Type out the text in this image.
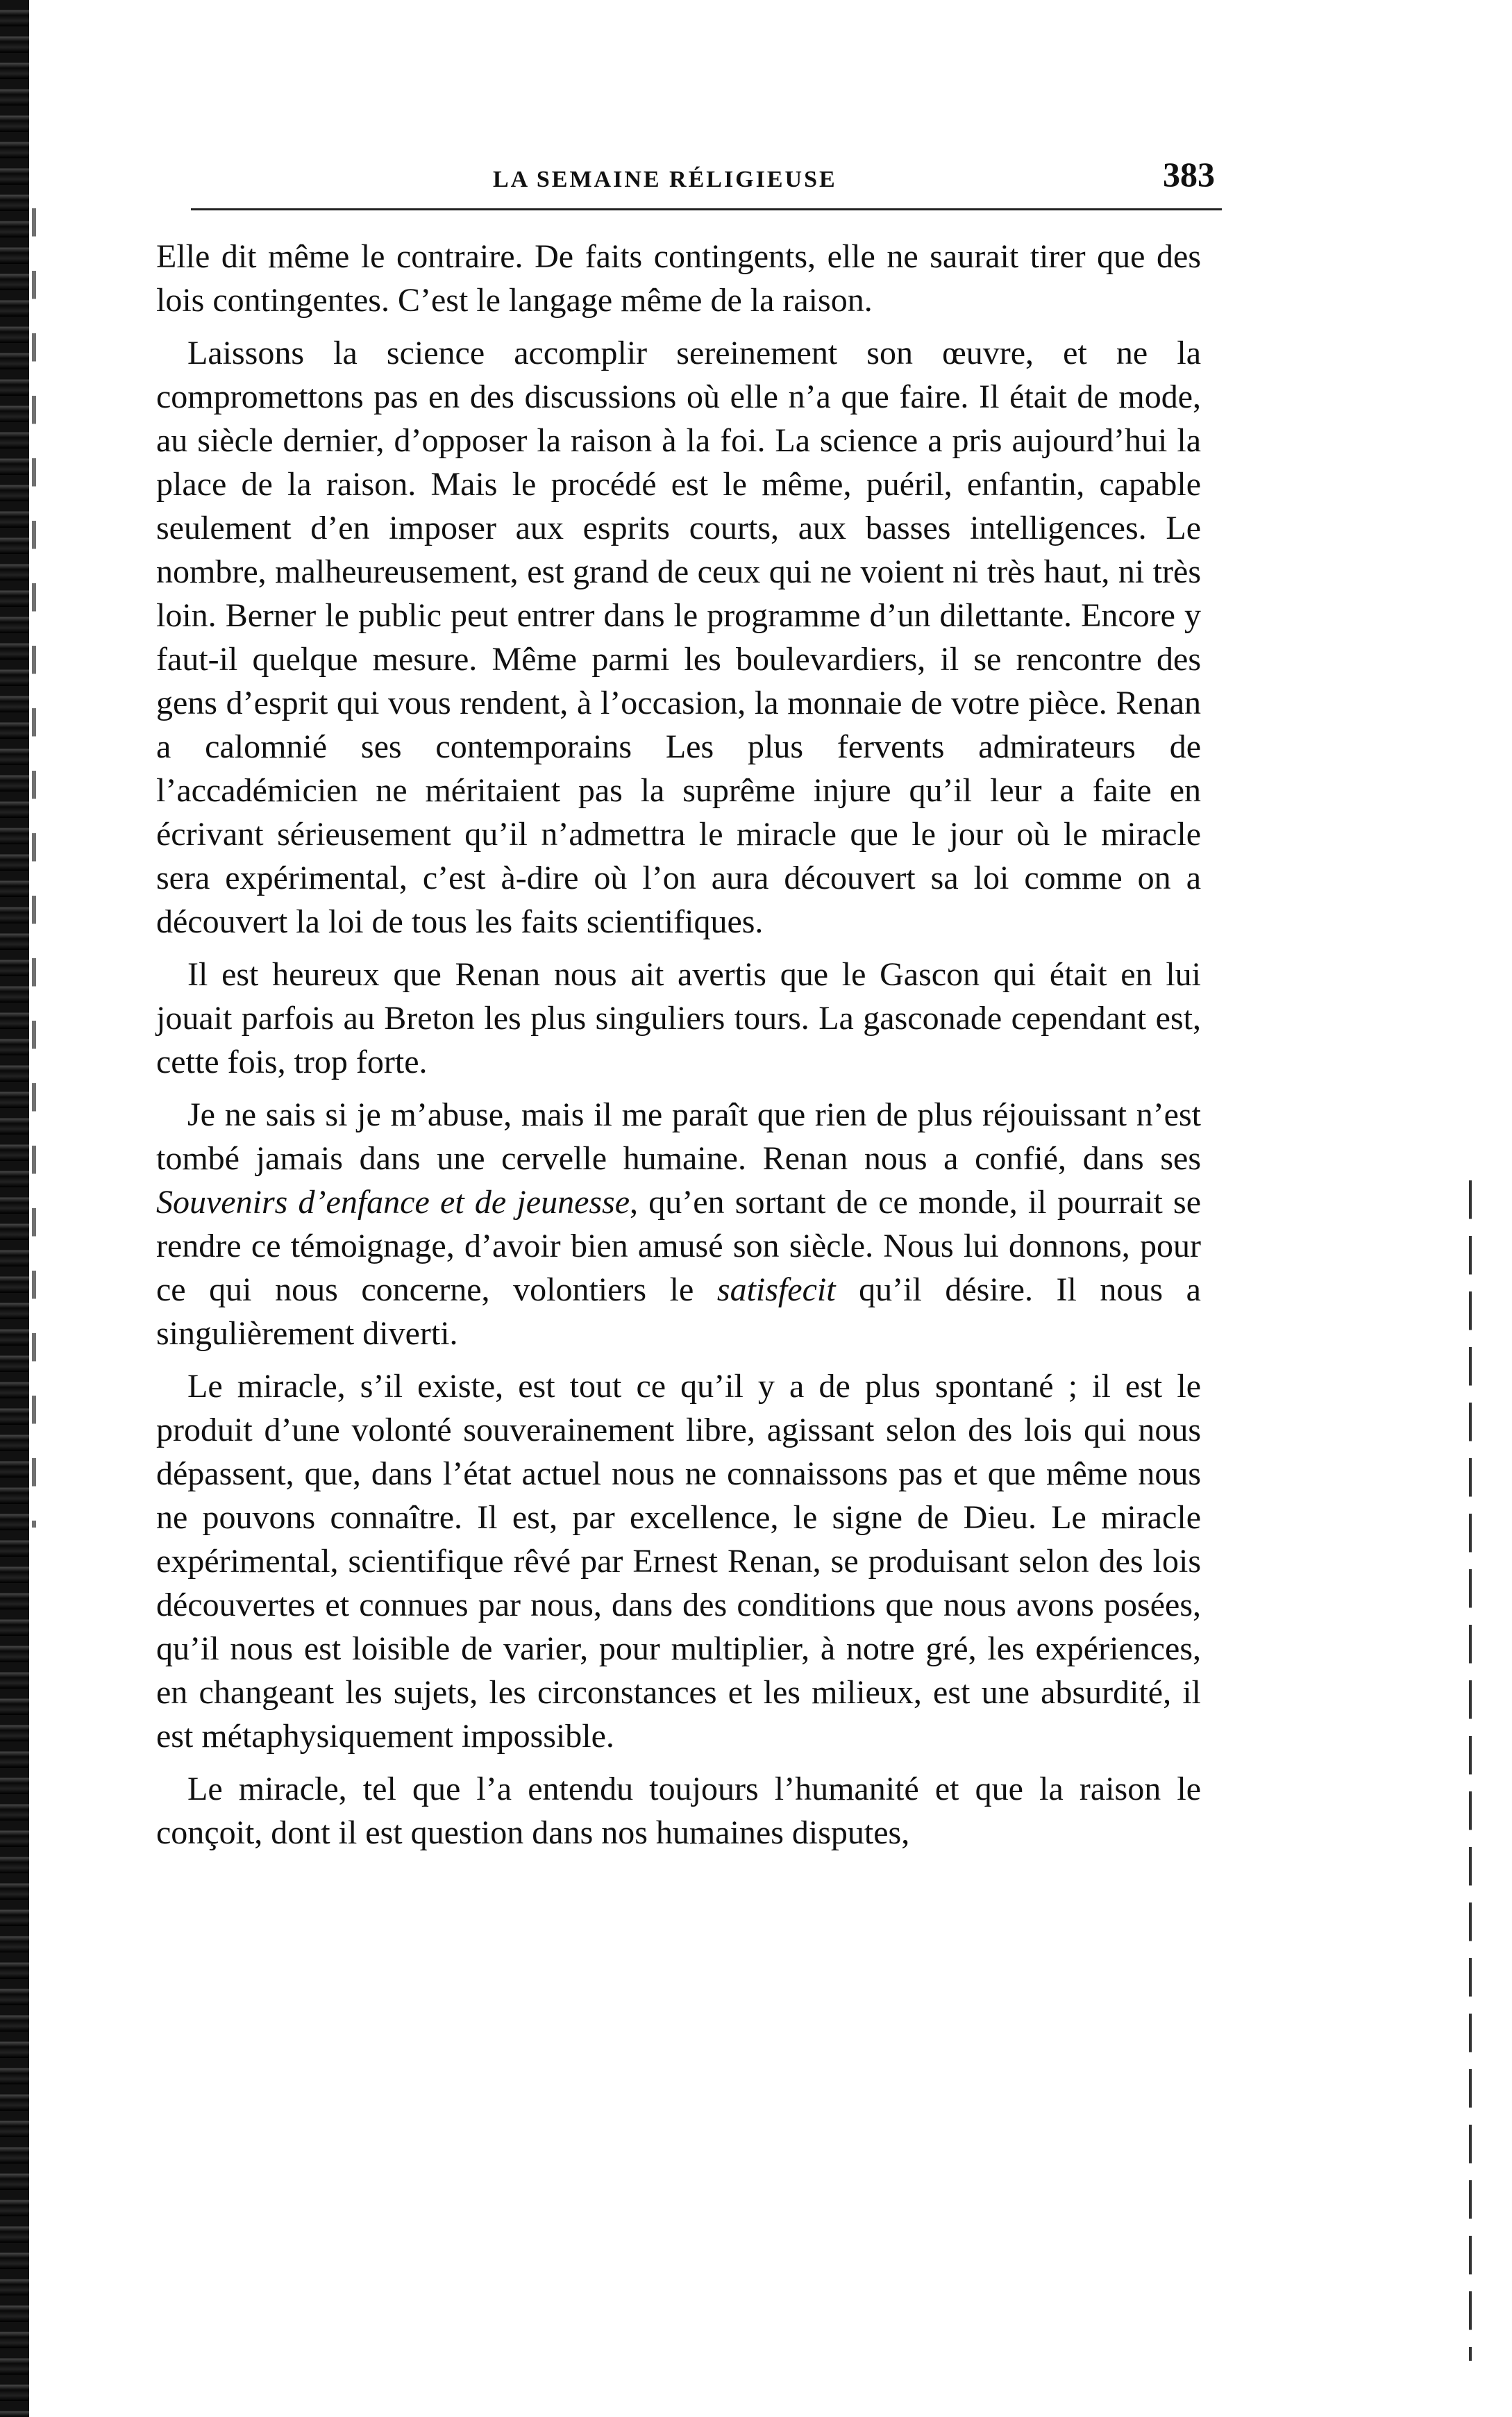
LA SEMAINE RÉLIGIEUSE	383

Elle dit même le contraire. De faits contingents, elle ne saurait tirer que des lois contingentes. C’est le langage même de la raison.

Laissons la science accomplir sereinement son œuvre, et ne la compromettons pas en des discussions où elle n’a que faire. Il était de mode, au siècle dernier, d’opposer la raison à la foi. La science a pris aujourd’hui la place de la raison. Mais le procédé est le même, puéril, enfantin, capable seulement d’en imposer aux esprits courts, aux basses intelligences. Le nombre, malheureusement, est grand de ceux qui ne voient ni très haut, ni très loin. Berner le public peut entrer dans le programme d’un dilettante. Encore y faut-il quelque mesure. Même parmi les boulevardiers, il se rencontre des gens d’esprit qui vous rendent, à l’occasion, la monnaie de votre pièce. Renan a calomnié ses contemporains Les plus fervents admirateurs de l’accadémicien ne méritaient pas la suprême injure qu’il leur a faite en écrivant sérieusement qu’il n’admettra le miracle que le jour où le miracle sera expérimental, c’est à-dire où l’on aura découvert sa loi comme on a découvert la loi de tous les faits scientifiques.

Il est heureux que Renan nous ait avertis que le Gascon qui était en lui jouait parfois au Breton les plus singuliers tours. La gasconade cependant est, cette fois, trop forte.

Je ne sais si je m’abuse, mais il me paraît que rien de plus réjouissant n’est tombé jamais dans une cervelle humaine. Renan nous a confié, dans ses Souvenirs d’enfance et de jeunesse, qu’en sortant de ce monde, il pourrait se rendre ce témoignage, d’avoir bien amusé son siècle. Nous lui donnons, pour ce qui nous concerne, volontiers le satisfecit qu’il désire. Il nous a singulièrement diverti.

Le miracle, s’il existe, est tout ce qu’il y a de plus spontané ; il est le produit d’une volonté souverainement libre, agissant selon des lois qui nous dépassent, que, dans l’état actuel nous ne connaissons pas et que même nous ne pouvons connaître. Il est, par excellence, le signe de Dieu. Le miracle expérimental, scientifique rêvé par Ernest Renan, se produisant selon des lois découvertes et connues par nous, dans des conditions que nous avons posées, qu’il nous est loisible de varier, pour multiplier, à notre gré, les expériences, en changeant les sujets, les circonstances et les milieux, est une absurdité, il est métaphysiquement impossible.

Le miracle, tel que l’a entendu toujours l’humanité et que la raison le conçoit, dont il est question dans nos humaines disputes,
